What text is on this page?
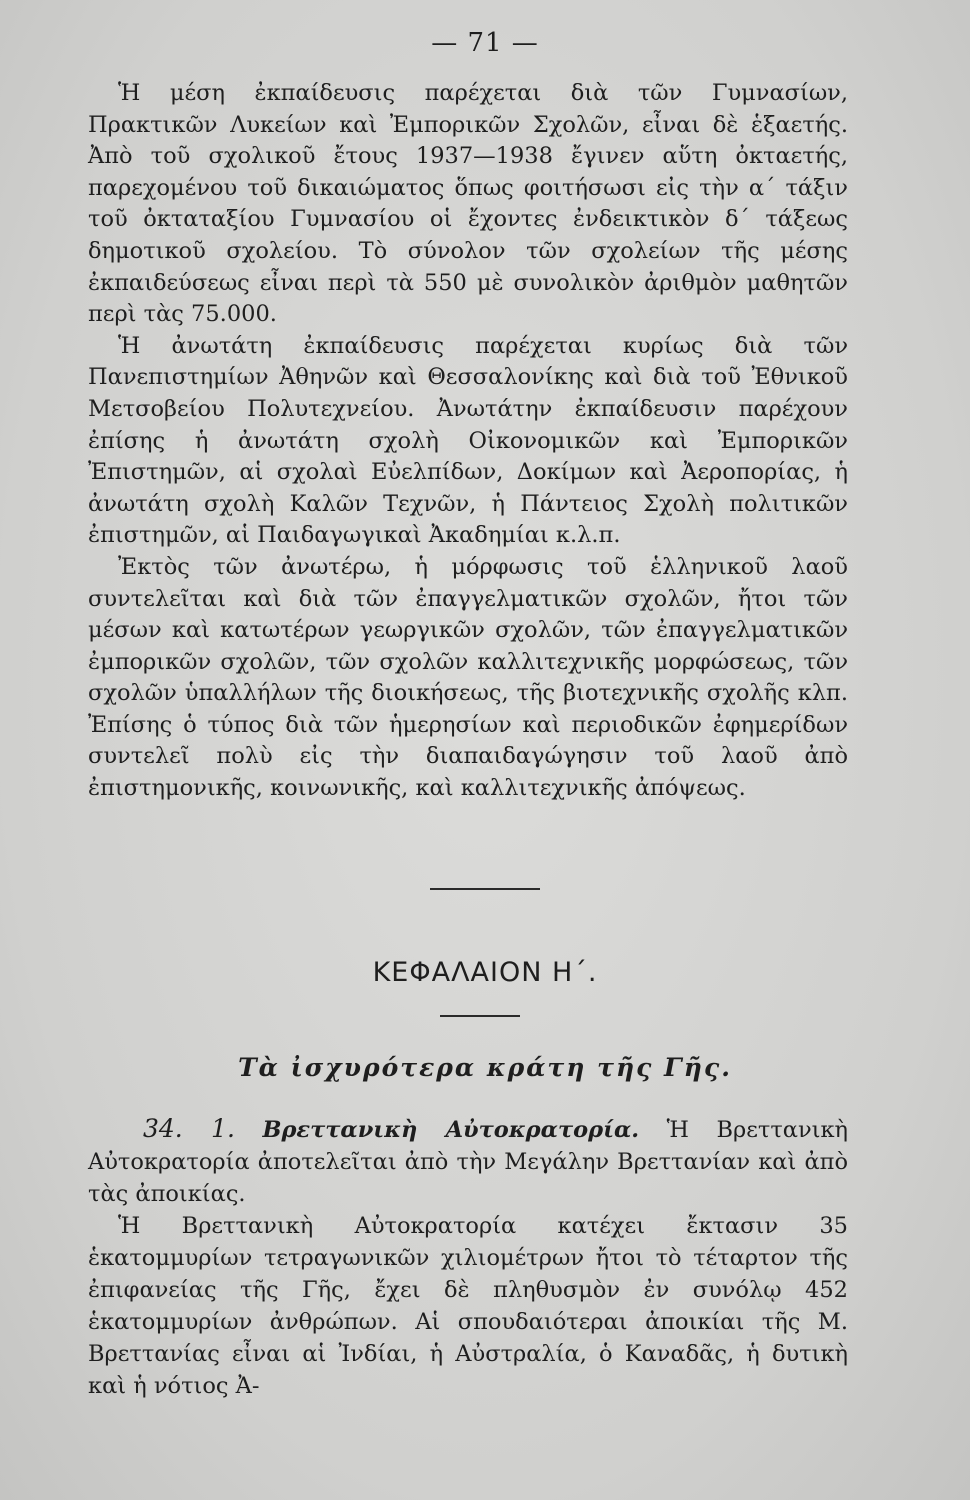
— 71 —

Ἡ μέση ἐκπαίδευσις παρέχεται διὰ τῶν Γυμνασίων, Πρακτικῶν Λυκείων καὶ Ἐμπορικῶν Σχολῶν, εἶναι δὲ ἑξαετής. Ἀπὸ τοῦ σχολικοῦ ἔτους 1937—1938 ἔγινεν αὕτη ὀκταετής, παρεχομένου τοῦ δικαιώματος ὅπως φοιτήσωσι εἰς τὴν α΄ τάξιν τοῦ ὀκταταξίου Γυμνασίου οἱ ἔχοντες ἐνδεικτικὸν δ΄ τάξεως δημοτικοῦ σχολείου. Τὸ σύνολον τῶν σχολείων τῆς μέσης ἐκπαιδεύσεως εἶναι περὶ τὰ 550 μὲ συνολικὸν ἀριθμὸν μαθητῶν περὶ τὰς 75.000.

Ἡ ἀνωτάτη ἐκπαίδευσις παρέχεται κυρίως διὰ τῶν Πανεπιστημίων Ἀθηνῶν καὶ Θεσσαλονίκης καὶ διὰ τοῦ Ἐθνικοῦ Μετσοβείου Πολυτεχνείου. Ἀνωτάτην ἐκπαίδευσιν παρέχουν ἐπίσης ἡ ἀνωτάτη σχολὴ Οἰκονομικῶν καὶ Ἐμπορικῶν Ἐπιστημῶν, αἱ σχολαὶ Εὐελπίδων, Δοκίμων καὶ Ἀεροπορίας, ἡ ἀνωτάτη σχολὴ Καλῶν Τεχνῶν, ἡ Πάντειος Σχολὴ πολιτικῶν ἐπιστημῶν, αἱ Παιδαγωγικαὶ Ἀκαδημίαι κ.λ.π.

Ἐκτὸς τῶν ἀνωτέρω, ἡ μόρφωσις τοῦ ἑλληνικοῦ λαοῦ συντελεῖται καὶ διὰ τῶν ἐπαγγελματικῶν σχολῶν, ἤτοι τῶν μέσων καὶ κατωτέρων γεωργικῶν σχολῶν, τῶν ἐπαγγελματικῶν ἐμπορικῶν σχολῶν, τῶν σχολῶν καλλιτεχνικῆς μορφώσεως, τῶν σχολῶν ὑπαλλήλων τῆς διοικήσεως, τῆς βιοτεχνικῆς σχολῆς κλπ. Ἐπίσης ὁ τύπος διὰ τῶν ἡμερησίων καὶ περιοδικῶν ἐφημερίδων συντελεῖ πολὺ εἰς τὴν διαπαιδαγώγησιν τοῦ λαοῦ ἀπὸ ἐπιστημονικῆς, κοινωνικῆς, καὶ καλλιτεχνικῆς ἀπόψεως.

ΚΕΦΑΛΑΙΟΝ Η΄.
Τὰ ἰσχυρότερα κράτη τῆς Γῆς.

34. 1. Βρεττανικὴ Αὐτοκρατορία. Ἡ Βρεττανικὴ Αὐτοκρατορία ἀποτελεῖται ἀπὸ τὴν Μεγάλην Βρεττανίαν καὶ ἀπὸ τὰς ἀποικίας.

Ἡ Βρεττανικὴ Αὐτοκρατορία κατέχει ἔκτασιν 35 ἑκατομμυρίων τετραγωνικῶν χιλιομέτρων ἤτοι τὸ τέταρτον τῆς ἐπιφανείας τῆς Γῆς, ἔχει δὲ πληθυσμὸν ἐν συνόλῳ 452 ἑκατομμυρίων ἀνθρώπων. Αἱ σπουδαιότεραι ἀποικίαι τῆς Μ. Βρεττανίας εἶναι αἱ Ἰνδίαι, ἡ Αὐστραλία, ὁ Καναδᾶς, ἡ δυτικὴ καὶ ἡ νότιος Ἀ-
